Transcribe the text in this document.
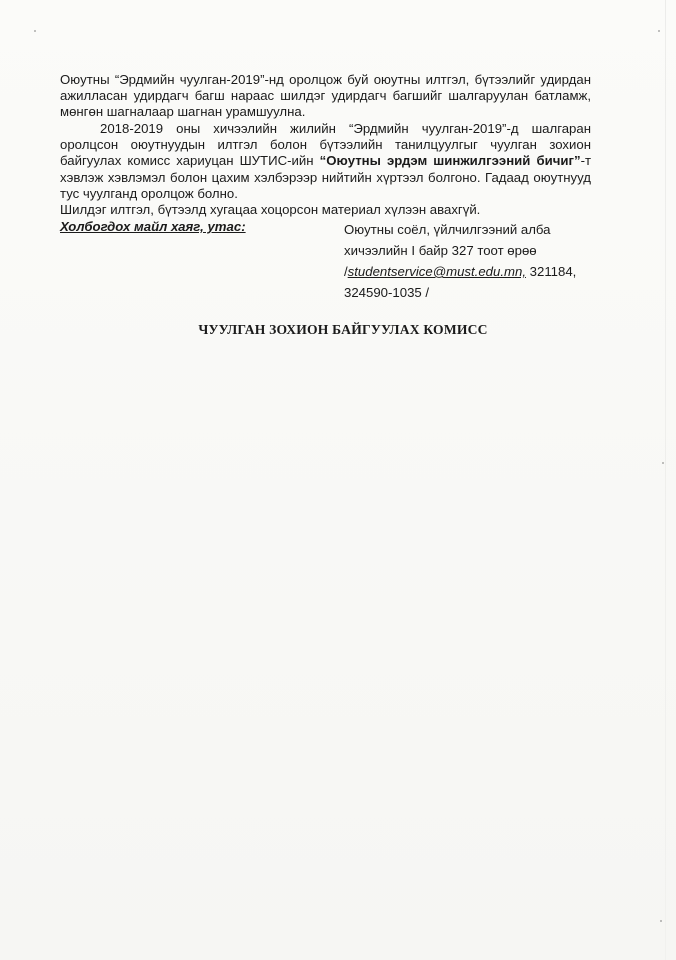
Оюутны “Эрдмийн чуулган-2019”-нд оролцож буй оюутны илтгэл, бүтээлийг удирдан ажилласан удирдагч багш нараас шилдэг удирдагч багшийг шалгаруулан батламж, мөнгөн шагналаар шагнан урамшуулна.
2018-2019 оны хичээлийн жилийн “Эрдмийн чуулган-2019”-д шалгаран оролцсон оюутнуудын илтгэл болон бүтээлийн танилцуулгыг чуулган зохион байгуулах комисс хариуцан ШУТИС-ийн “Оюутны эрдэм шинжилгээний бичиг”-т хэвлэж хэвлэмэл болон цахим хэлбэрээр нийтийн хүртээл болгоно. Гадаад оюутнууд тус чуулганд оролцож болно.
Шилдэг илтгэл, бүтээлд хугацаа хоцорсон материал хүлээн авахгүй.
Холбогдох майл хаяг, утас:	Оюутны соёл, үйлчилгээний алба
хичээлийн I байр 327 тоот өрөө
/studentservice@must.edu.mn, 321184,
324590-1035 /
ЧУУЛГАН ЗОХИОН БАЙГУУЛАХ КОМИСС
